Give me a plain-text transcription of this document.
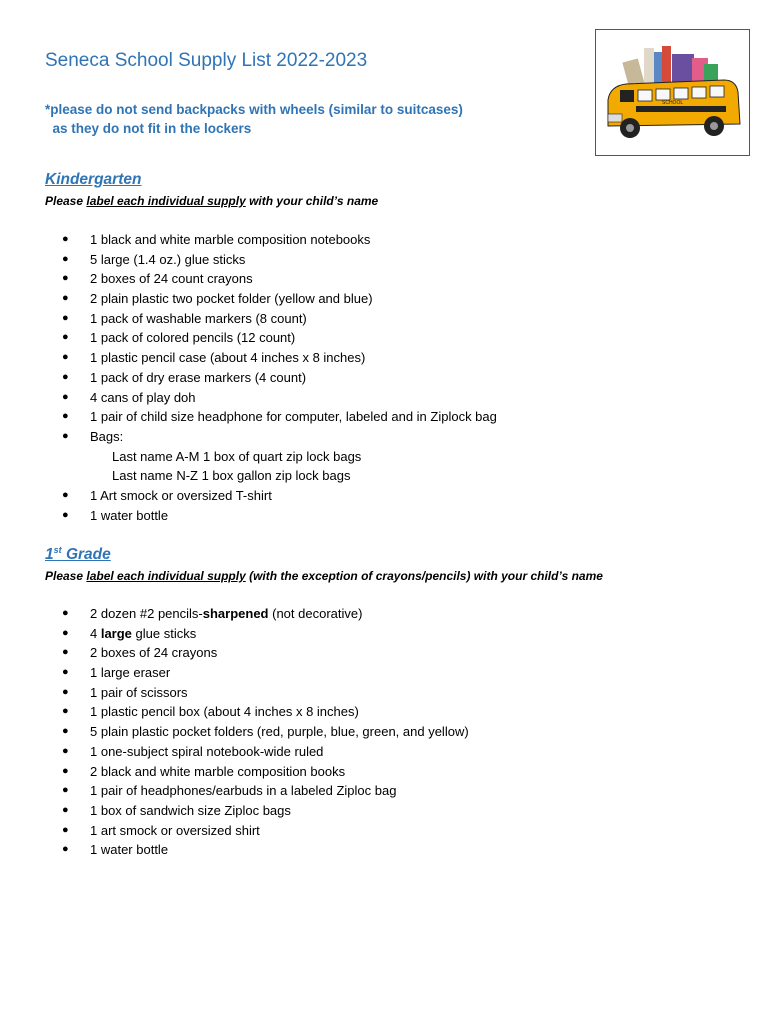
Seneca School Supply List 2022-2023
*please do not send backpacks with wheels (similar to suitcases)
as they do not fit in the lockers
SCHOOL
Kindergarten
Please label each individual supply with your child’s name
● 1 black and white marble composition notebooks
● 5 large (1.4 oz.) glue sticks
● 2 boxes of 24 count crayons
● 2 plain plastic two pocket folder (yellow and blue)
● 1 pack of washable markers (8 count)
● 1 pack of colored pencils (12 count)
● 1 plastic pencil case (about 4 inches x 8 inches)
● 1 pack of dry erase markers (4 count)
● 4 cans of play doh
● 1 pair of child size headphone for computer, labeled and in Ziplock bag
● Bags:
Last name A-M 1 box of quart zip lock bags
Last name N-Z 1 box gallon zip lock bags
● 1 Art smock or oversized T-shirt
● 1 water bottle
1st Grade
Please label each individual supply (with the exception of crayons/pencils) with your child’s name
● 2 dozen #2 pencils-sharpened (not decorative)
● 4 large glue sticks
● 2 boxes of 24 crayons
● 1 large eraser
● 1 pair of scissors
● 1 plastic pencil box (about 4 inches x 8 inches)
● 5 plain plastic pocket folders (red, purple, blue, green, and yellow)
● 1 one-subject spiral notebook-wide ruled
● 2 black and white marble composition books
● 1 pair of headphones/earbuds in a labeled Ziploc bag
● 1 box of sandwich size Ziploc bags
● 1 art smock or oversized shirt
● 1 water bottle
